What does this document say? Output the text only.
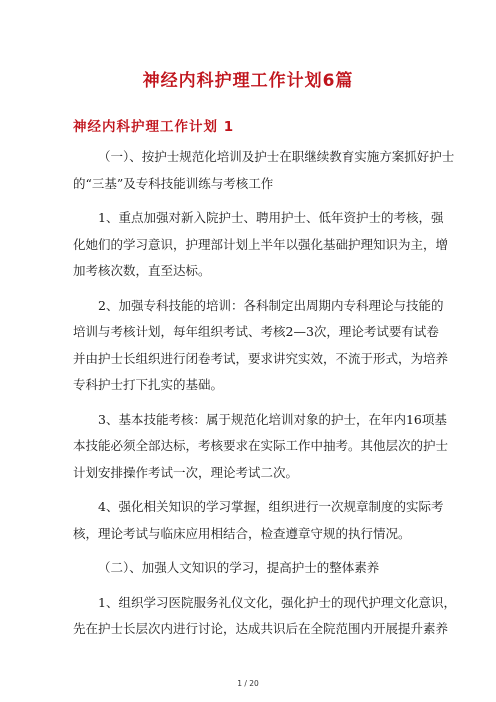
神经内科护理工作计划6篇
神经内科护理工作计划 1

（一）、按护士规范化培训及护士在职继续教育实施方案抓好护士
的“三基”及专科技能训练与考核工作

1、重点加强对新入院护士、聘用护士、低年资护士的考核，强
化她们的学习意识，护理部计划上半年以强化基础护理知识为主，增
加考核次数，直至达标。

2、加强专科技能的培训：各科制定出周期内专科理论与技能的
培训与考核计划，每年组织考试、考核2—3次，理论考试要有试卷
并由护士长组织进行闭卷考试，要求讲究实效，不流于形式，为培养
专科护士打下扎实的基础。

3、基本技能考核：属于规范化培训对象的护士，在年内16项基
本技能必须全部达标，考核要求在实际工作中抽考。其他层次的护士
计划安排操作考试一次，理论考试二次。

4、强化相关知识的学习掌握，组织进行一次规章制度的实际考
核，理论考试与临床应用相结合，检查遵章守规的执行情况。

（二）、加强人文知识的学习，提高护士的整体素养

1、组织学习医院服务礼仪文化，强化护士的现代护理文化意识，
先在护士长层次内进行讨论，达成共识后在全院范围内开展提升素养

1 / 20
